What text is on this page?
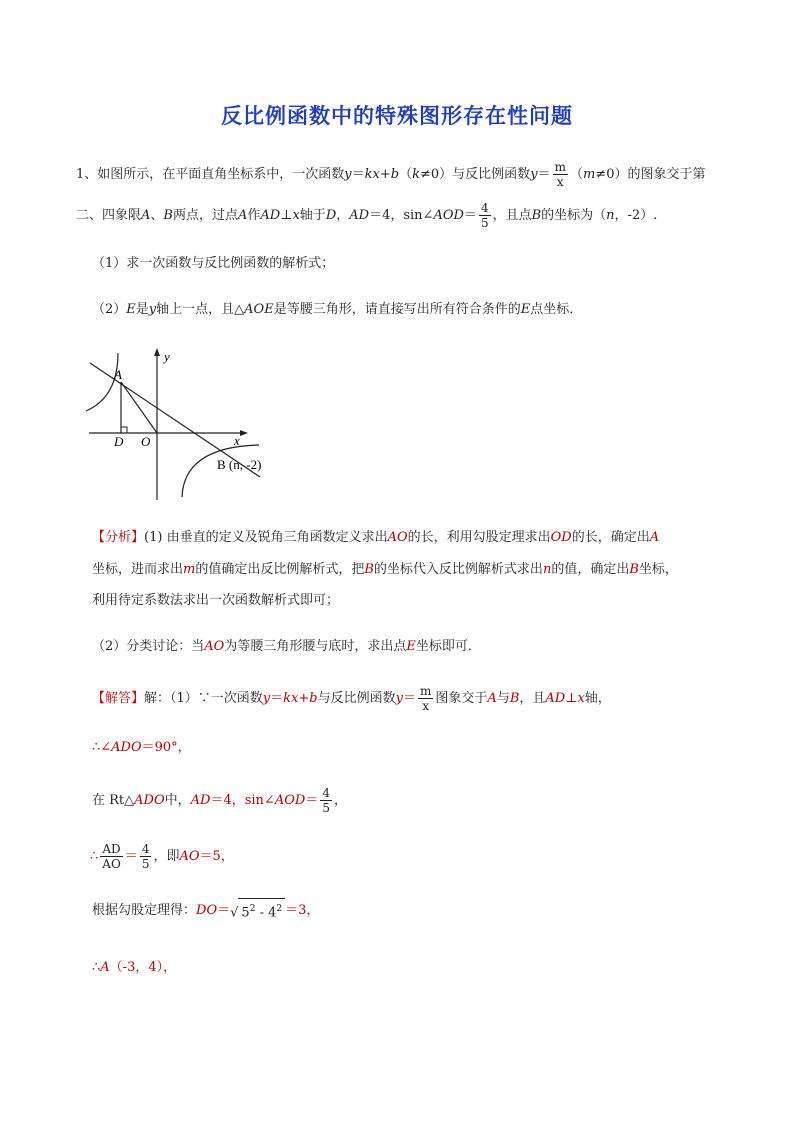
反比例函数中的特殊图形存在性问题
1、如图所示，在平面直角坐标系中，一次函数y＝kx+b（k≠0）与反比例函数$y= \frac{m}{x} (m\ne 0)$的图象交于第
二、四象限A、B两点，过点A作AD⊥x轴于D，AD＝4，sin∠AOD＝ $\frac{4}{5}$ ，且点B的坐标为（n，-2）.
（1）求一次函数与反比例函数的解析式；
（2）E是y轴上一点，且△AOE是等腰三角形，请直接写出所有符合条件的E点坐标．
y
x
A
D O
B (n, -2)
【分析】(1) 由垂直的定义及锐角三角函数定义求出AO的长，利用勾股定理求出OD的长，确定出A
坐标，进而求出m的值确定出反比例解析式，把B的坐标代入反比例解析式求出n的值，确定出B坐标，
利用待定系数法求出一次函数解析式即可；
（2）分类讨论：当AO为等腰三角形腰与底时，求出点E坐标即可．
【解答】解：（1）∵一次函数y＝kx+b与反比例函数$y= \frac{m}{x}$ 图象交于A与B，且AD⊥x轴，
∴∠ADO＝90°，
在 Rt△ADO中，AD＝4，sin∠AOD＝ $\frac{4}{5}$ ，
∴ $\frac{AD}{AO} = \frac{4}{5}$ ，即AO＝5，
根据勾股定理得：DO＝√ $5^2 - 4^2 =3$，
∴A（-3，4），
